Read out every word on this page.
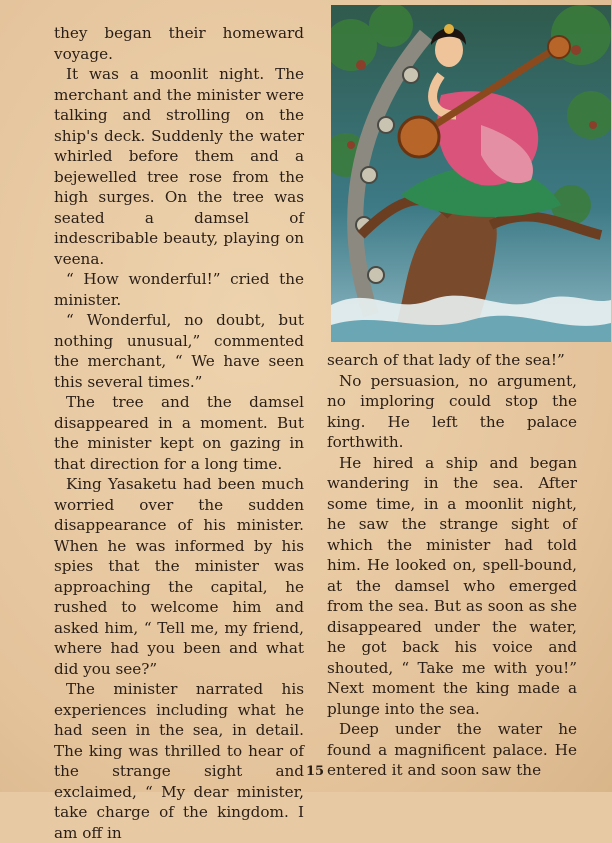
they began their homeward voyage.

It was a moonlit night. The merchant and the minister were talking and strolling on the ship's deck. Suddenly the water whirled before them and a bejewelled tree rose from the high surges. On the tree was seated a damsel of indescribable beauty, playing on veena.

“ How wonderful!” cried the minister.

“ Wonderful, no doubt, but nothing unusual,” commented the merchant, “ We have seen this several times.”

The tree and the damsel disappeared in a moment. But the minister kept on gazing in that direction for a long time.

King Yasaketu had been much worried over the sudden disappearance of his minister. When he was informed by his spies that the minister was approaching the capital, he rushed to welcome him and asked him, “ Tell me, my friend, where had you been and what did you see?”

The minister narrated his experiences including what he had seen in the sea, in detail. The king was thrilled to hear of the strange sight and exclaimed, “ My dear minister, take charge of the kingdom. I am off in

search of that lady of the sea!”

No persuasion, no argument, no imploring could stop the king. He left the palace forthwith.

He hired a ship and began wandering in the sea. After some time, in a moonlit night, he saw the strange sight of which the minister had told him. He looked on, spell-bound, at the damsel who emerged from the sea. But as soon as she disappeared under the water, he got back his voice and shouted, “ Take me with you!” Next moment the king made a plunge into the sea.

Deep under the water he found a magnificent palace. He entered it and soon saw the

15
